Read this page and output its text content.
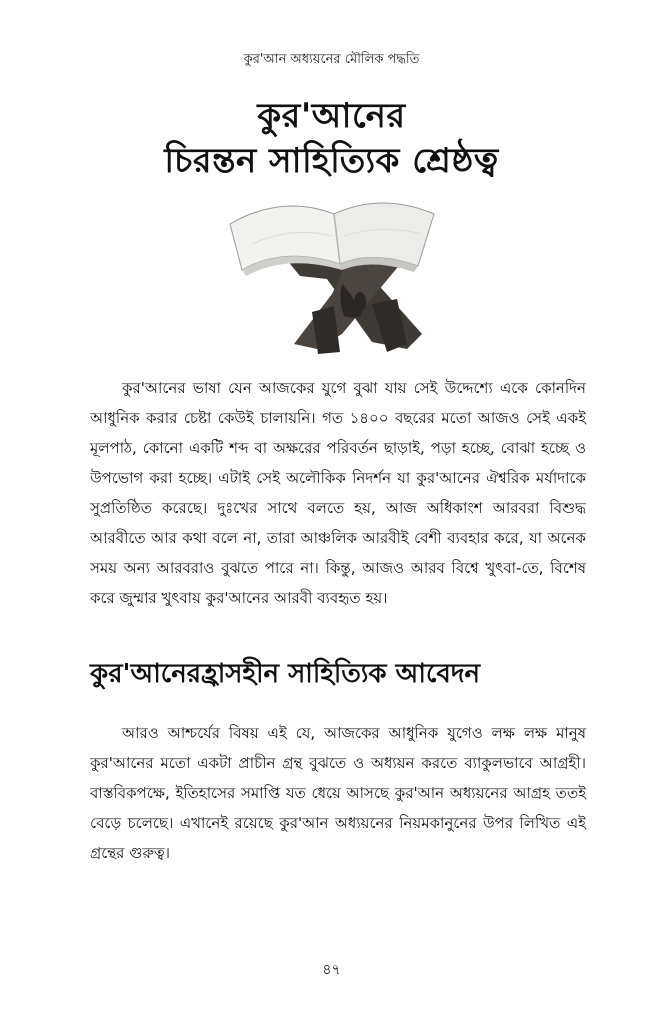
কুর'আন অধ্যয়নের মৌলিক পদ্ধতি
কুর'আনের
চিরন্তন সাহিত্যিক শ্রেষ্ঠত্ব

কুর'আনের ভাষা যেন আজকের যুগে বুঝা যায় সেই উদ্দেশ্যে একে কোনদিন আধুনিক করার চেষ্টা কেউই চালায়নি। গত ১৪০০ বছরের মতো আজও সেই একই মূলপাঠ, কোনো একটি শব্দ বা অক্ষরের পরিবর্তন ছাড়াই, পড়া হচ্ছে, বোঝা হচ্ছে ও উপভোগ করা হচ্ছে। এটাই সেই অলৌকিক নিদর্শন যা কুর'আনের ঐশ্বরিক মর্যাদাকে সুপ্রতিষ্ঠিত করেছে। দুঃখের সাথে বলতে হয়, আজ অধিকাংশ আরবরা বিশুদ্ধ আরবীতে আর কথা বলে না, তারা আঞ্চলিক আরবীই বেশী ব্যবহার করে, যা অনেক সময় অন্য আরবরাও বুঝতে পারে না। কিন্তু, আজও আরব বিশ্বে খুৎবা-তে, বিশেষ করে জুম্মার খুৎবায় কুর'আনের আরবী ব্যবহৃত হয়।

কুর'আনেরহ্রাসহীন সাহিত্যিক আবেদন

আরও আশ্চর্যের বিষয় এই যে, আজকের আধুনিক যুগেও লক্ষ লক্ষ মানুষ কুর'আনের মতো একটা প্রাচীন গ্রন্থ বুঝতে ও অধ্যয়ন করতে ব্যাকুলভাবে আগ্রহী। বাস্তবিকপক্ষে, ইতিহাসের সমাপ্তি যত ধেয়ে আসছে কুর'আন অধ্যয়নের আগ্রহ ততই বেড়ে চলেছে। এখানেই রয়েছে কুর'আন অধ্যয়নের নিয়মকানুনের উপর লিখিত এই গ্রন্থের গুরুত্ব।

৪৭
